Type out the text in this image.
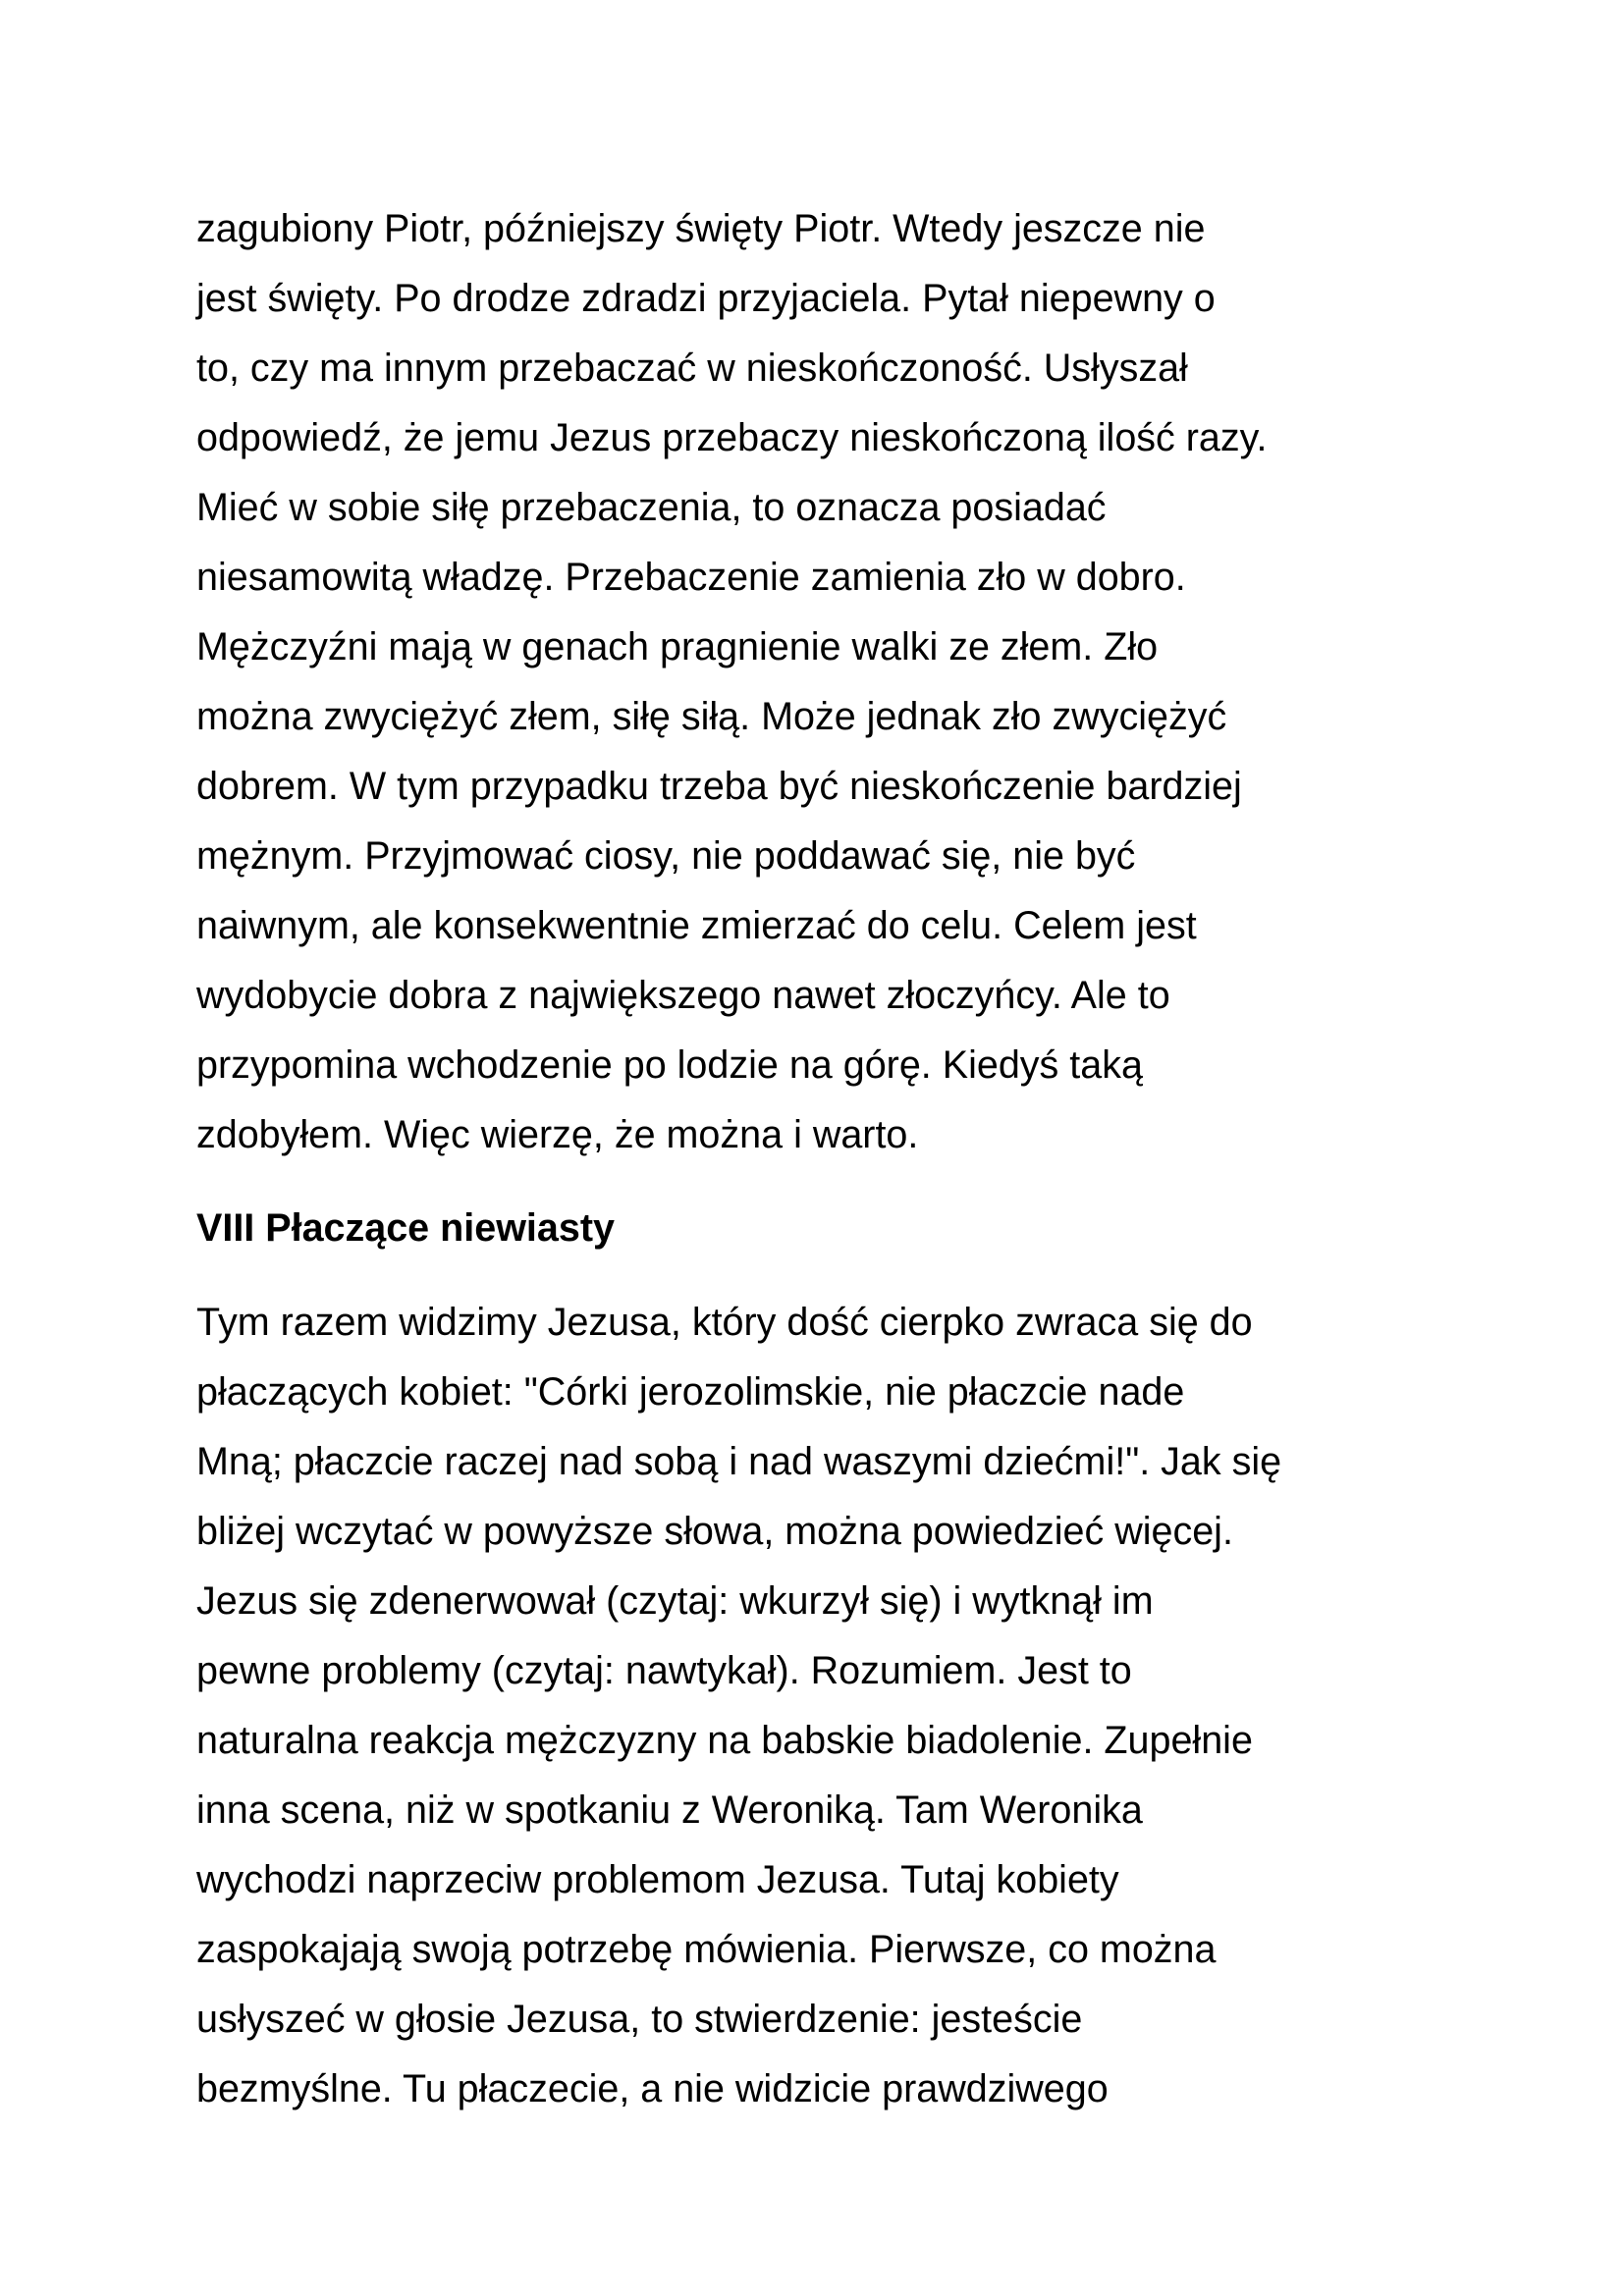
zagubiony Piotr, późniejszy święty Piotr. Wtedy jeszcze nie
jest święty. Po drodze zdradzi przyjaciela. Pytał niepewny o
to, czy ma innym przebaczać w nieskończoność. Usłyszał
odpowiedź, że jemu Jezus przebaczy nieskończoną ilość razy.
Mieć w sobie siłę przebaczenia, to oznacza posiadać
niesamowitą władzę. Przebaczenie zamienia zło w dobro.
Mężczyźni mają w genach pragnienie walki ze złem. Zło
można zwyciężyć złem, siłę siłą. Może jednak zło zwyciężyć
dobrem. W tym przypadku trzeba być nieskończenie bardziej
mężnym. Przyjmować ciosy, nie poddawać się, nie być
naiwnym, ale konsekwentnie zmierzać do celu. Celem jest
wydobycie dobra z największego nawet złoczyńcy. Ale to
przypomina wchodzenie po lodzie na górę. Kiedyś taką
zdobyłem. Więc wierzę, że można i warto.
VIII Płaczące niewiasty
Tym razem widzimy Jezusa, który dość cierpko zwraca się do
płaczących kobiet: "Córki jerozolimskie, nie płaczcie nade
Mną; płaczcie raczej nad sobą i nad waszymi dziećmi!". Jak się
bliżej wczytać w powyższe słowa, można powiedzieć więcej.
Jezus się zdenerwował (czytaj: wkurzył się) i wytknął im
pewne problemy (czytaj: nawtykał). Rozumiem. Jest to
naturalna reakcja mężczyzny na babskie biadolenie. Zupełnie
inna scena, niż w spotkaniu z Weroniką. Tam Weronika
wychodzi naprzeciw problemom Jezusa. Tutaj kobiety
zaspokajają swoją potrzebę mówienia. Pierwsze, co można
usłyszeć w głosie Jezusa, to stwierdzenie: jesteście
bezmyślne. Tu płaczecie, a nie widzicie prawdziwego
